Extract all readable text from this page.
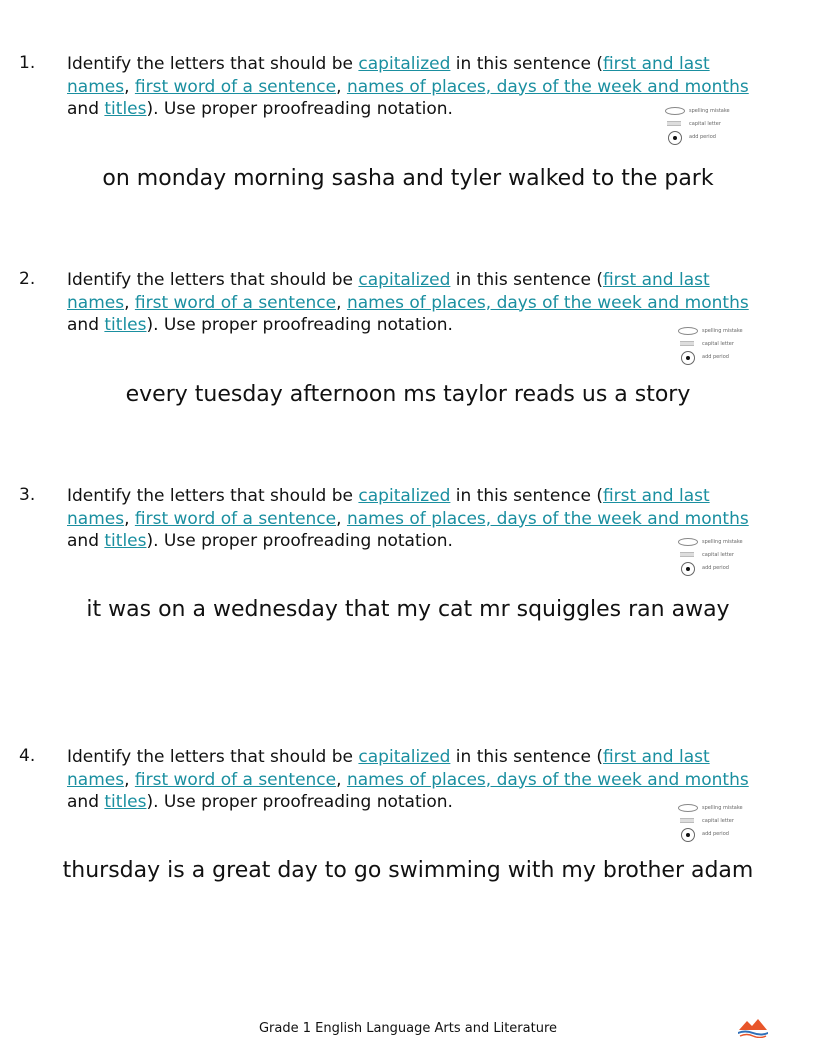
1. Identify the letters that should be capitalized in this sentence (first and last names, first word of a sentence, names of places, days of the week and months and titles). Use proper proofreading notation.	spelling mistake
capital letter
add period
on monday morning sasha and tyler walked to the park
2. Identify the letters that should be capitalized in this sentence (first and last names, first word of a sentence, names of places, days of the week and months and titles). Use proper proofreading notation.	spelling mistake
capital letter
add period
every tuesday afternoon ms taylor reads us a story
3. Identify the letters that should be capitalized in this sentence (first and last names, first word of a sentence, names of places, days of the week and months and titles). Use proper proofreading notation.	spelling mistake
capital letter
add period
it was on a wednesday that my cat mr squiggles ran away
4. Identify the letters that should be capitalized in this sentence (first and last names, first word of a sentence, names of places, days of the week and months and titles). Use proper proofreading notation.	spelling mistake
capital letter
add period
thursday is a great day to go swimming with my brother adam
Grade 1 English Language Arts and Literature
